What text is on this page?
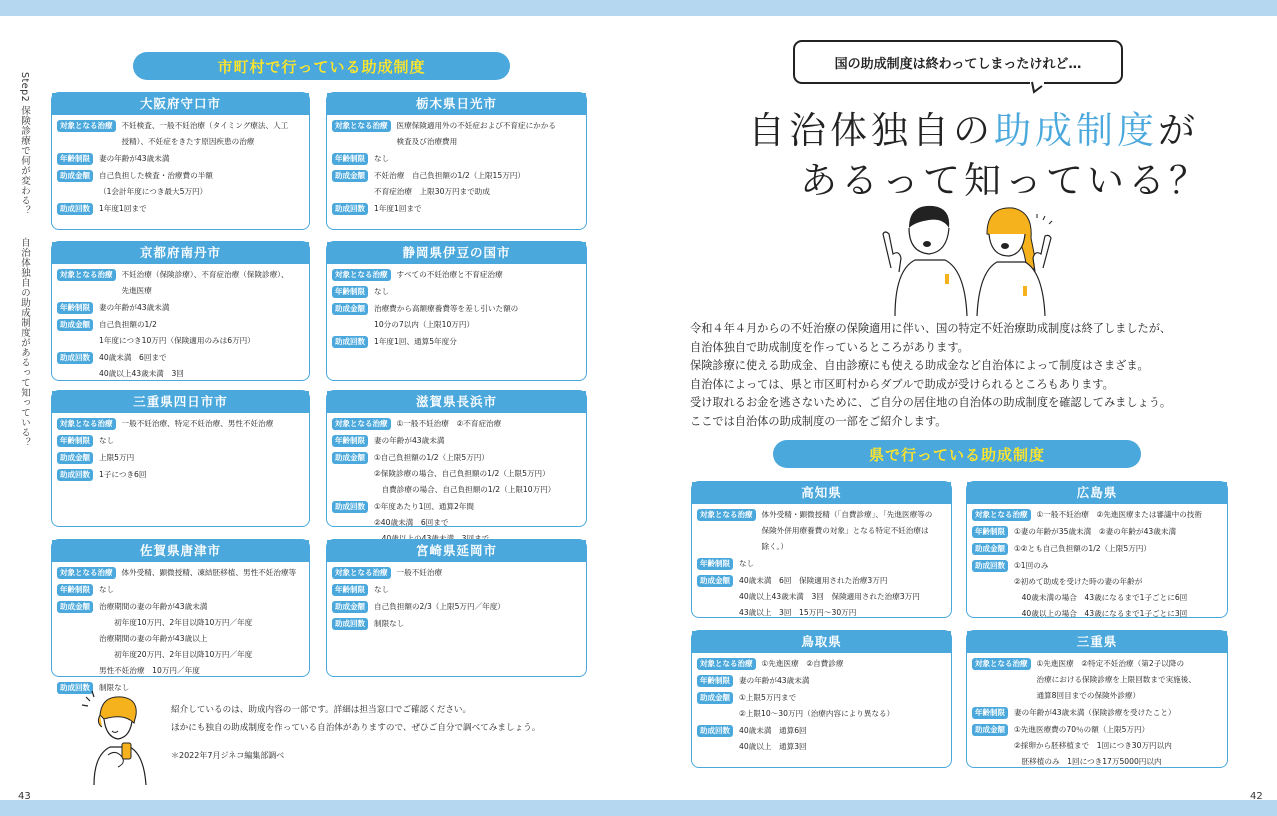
Step2 保険診療で何が変わる？自治体独自の助成制度があるって知っている？
43	42
市町村で行っている助成制度
大阪府守口市
対象となる治療	不妊検査、一般不妊治療（タイミング療法、人工
授精）、不妊症をきたす原因疾患の治療
年齢制限	妻の年齢が43歳未満
助成金額	自己負担した検査・治療費の半額
（1会計年度につき最大5万円）
助成回数	1年度1回まで
栃木県日光市
対象となる治療	医療保険適用外の不妊症および不育症にかかる
検査及び治療費用
年齢制限	なし
助成金額	不妊治療　自己負担額の1/2（上限15万円）
不育症治療　上限30万円まで助成
助成回数	1年度1回まで
京都府南丹市
対象となる治療	不妊治療（保険診療）、不育症治療（保険診療）、
先進医療
年齢制限	妻の年齢が43歳未満
助成金額	自己負担額の1/2
1年度につき10万円（保険適用のみは6万円）
助成回数	40歳未満　6回まで
40歳以上43歳未満　3回
静岡県伊豆の国市
対象となる治療	すべての不妊治療と不育症治療
年齢制限	なし
助成金額	治療費から高額療養費等を差し引いた額の
10分の7以内（上限10万円）
助成回数	1年度1回、通算5年度分
三重県四日市市
対象となる治療	一般不妊治療、特定不妊治療、男性不妊治療
年齢制限	なし
助成金額	上限5万円
助成回数	1子につき6回
滋賀県長浜市
対象となる治療	①一般不妊治療　②不育症治療
年齢制限	妻の年齢が43歳未満
助成金額	①自己負担額の1/2（上限5万円）
②保険診療の場合、自己負担額の1/2（上限5万円）
　自費診療の場合、自己負担額の1/2（上限10万円）
助成回数	①年度あたり1回、通算2年間
②40歳未満　6回まで
佐賀県唐津市
対象となる治療	体外受精、顕微授精、凍結胚移植、男性不妊治療等
年齢制限	なし
助成金額	治療期間の妻の年齢が43歳未満
　　初年度10万円、2年目以降10万円／年度
治療期間の妻の年齢が43歳以上
　　初年度20万円、2年目以降10万円／年度
男性不妊治療　10万円／年度
助成回数	制限なし
宮崎県延岡市
対象となる治療	一般不妊治療
年齢制限	なし
助成金額	自己負担額の2/3（上限5万円／年度）
助成回数	制限なし
紹介しているのは、助成内容の一部です。詳細は担当窓口でご確認ください。
ほかにも独自の助成制度を作っている自治体がありますので、ぜひご自分で調べてみましょう。
＊2022年7月ジネコ編集部調べ
国の助成制度は終わってしまったけれど…
自治体独自の助成制度が
あるって知っている？
令和４年４月からの不妊治療の保険適用に伴い、国の特定不妊治療助成制度は終了しましたが、
自治体独自で助成制度を作っているところがあります。
保険診療に使える助成金、自由診療にも使える助成金など自治体によって制度はさまざま。
自治体によっては、県と市区町村からダブルで助成が受けられるところもあります。
受け取れるお金を逃さないために、ご自分の居住地の自治体の助成制度を確認してみましょう。
ここでは自治体の助成制度の一部をご紹介します。
県で行っている助成制度
高知県
対象となる治療	体外受精・顕微授精（「自費診療」、「先進医療等の
保険外併用療養費の対象」となる特定不妊治療は
除く。）
年齢制限	なし
助成金額	40歳未満　6回　保険適用された治療3万円
40歳以上43歳未満　3回　保険適用された治療3万円
43歳以上　3回　15万円～30万円
広島県
対象となる治療	①一般不妊治療　②先進医療または審議中の技術
年齢制限	①妻の年齢が35歳未満　②妻の年齢が43歳未満
助成金額	①②とも自己負担額の1/2（上限5万円）
助成回数	①1回のみ
②初めて助成を受けた時の妻の年齢が
　40歳未満の場合　43歳になるまで1子ごとに6回
　40歳以上の場合　43歳になるまで1子ごとに3回
鳥取県
対象となる治療	①先進医療　②自費診療
年齢制限	妻の年齢が43歳未満
助成金額	①上限5万円まで
②上限10～30万円（治療内容により異なる）
助成回数	40歳未満　通算6回
40歳以上　通算3回
三重県
対象となる治療	①先進医療　②特定不妊治療（第2子以降の
治療における保険診療を上限回数まで実施後、
通算8回目までの保険外診療）
年齢制限	妻の年齢が43歳未満（保険診療を受けたこと）
助成金額	①先進医療費の70％の額（上限5万円）
②採卵から胚移植まで　1回につき30万円以内
　胚移植のみ　1回につき17万5000円以内
